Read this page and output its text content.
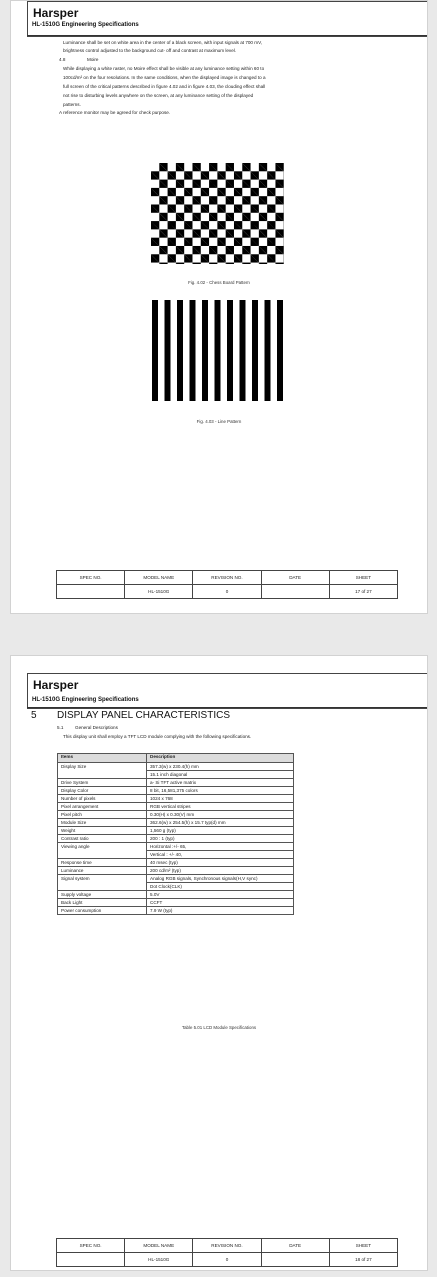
Harsper
HL-1510G Engineering Specifications
Luminance shall be set on white area in the center of a black screen, with input signals at 700 mV,
brightness control adjusted to the background cut- off and contrast at maximum level.
4.8	Moire
While displaying a white raster, no Moire effect shall be visible at any luminance setting within 60 to
100cd/m² on the four resolutions. In the same conditions, when the displayed image is changed to a
full screen of the critical patterns described in figure 4.02 and in figure 4.03, the clouding effect shall
not rise to disturbing levels anywhere on the screen, at any luminance setting of the displayed
patterns.
A reference monitor may be agreed for check purpose.
Fig. 4.02 - Chess Board Pattern
Fig. 4.03 - Line Pattern
SPEC NO.	MODEL NAME	REVISION NO.	DATE	SHEET
	HL-1510G	0		17 of 27
Harsper
HL-1510G Engineering Specifications
5 DISPLAY PANEL CHARACTERISTICS
5.1	General Descriptions
This display unit shall employ a TFT LCD module complying with the following specifications.
Items	Description
Display Size	357.3(w) x 230.4(h) mm
	15.1 inch diagonal
Drive System	a- Si TFT active matrix
Display Color	8 bit, 16,581,375 colors
Number of pixels	1024 x 768
Pixel arrangement	RGB vertical stripes
Pixel pitch	0.30(H) x 0.30(V) mm
Module Size	362.6(w) x 254.5(h) x 15.7 typ(d) mm
Weight	1,560 g (typ)
Contrast ratio	200 : 1 (typ)
Viewing angle	Horizontal :+/- 65,
	Vertical : +/- 40,
Response time	40 msec (typ)
Luminance	200 cd/m² (typ)
Signal system	Analog RGB signals, Synchronous signals(H,V sync)
	Dot Clock(CLK)
Supply voltage	5.0V
Back Light	CCFT
Power consumption	7.9 W (typ)
Table 5.01 LCD Module Specifications
SPEC NO.	MODEL NAME	REVISION NO.	DATE	SHEET
	HL-1510G	0		18 of 27
